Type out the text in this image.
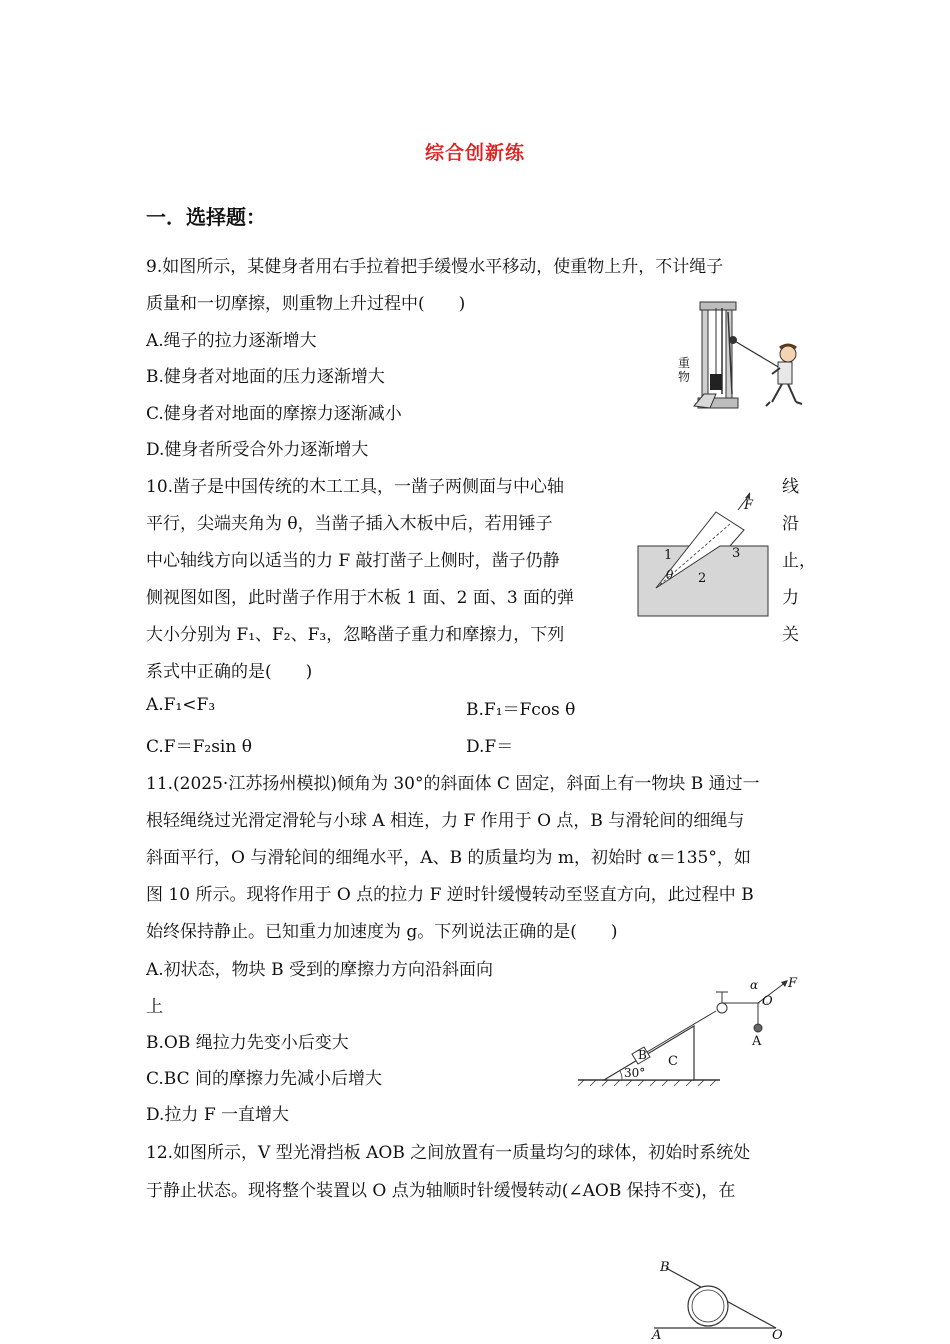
综合创新练
一．选择题：
9.如图所示，某健身者用右手拉着把手缓慢水平移动，使重物上升，不计绳子
质量和一切摩擦，则重物上升过程中(　　)
A.绳子的拉力逐渐增大
B.健身者对地面的压力逐渐增大
C.健身者对地面的摩擦力逐渐减小
D.健身者所受合外力逐渐增大
重物
10.凿子是中国传统的木工工具，一凿子两侧面与中心轴
平行，尖端夹角为 θ，当凿子插入木板中后，若用锤子
中心轴线方向以适当的力 F 敲打凿子上侧时，凿子仍静
侧视图如图，此时凿子作用于木板 1 面、2 面、3 面的弹
大小分别为 F₁、F₂、F₃，忽略凿子重力和摩擦力，下列
系式中正确的是(　　)
线
沿
止，
力
关
A.F₁<F₃	B.F₁＝Fcos θ
C.F＝F₂sin θ	D.F＝
F
1
2
3
θ
11.(2025·江苏扬州模拟)倾角为 30°的斜面体 C 固定，斜面上有一物块 B 通过一
根轻绳绕过光滑定滑轮与小球 A 相连，力 F 作用于 O 点，B 与滑轮间的细绳与
斜面平行，O 与滑轮间的细绳水平，A、B 的质量均为 m，初始时 α＝135°，如
图 10 所示。现将作用于 O 点的拉力 F 逆时针缓慢转动至竖直方向，此过程中 B
始终保持静止。已知重力加速度为 g。下列说法正确的是(　　)
A.初状态，物块 B 受到的摩擦力方向沿斜面向
上
B.OB 绳拉力先变小后变大
C.BC 间的摩擦力先减小后增大
D.拉力 F 一直增大
α F
O
A
B C
30°
12.如图所示，V 型光滑挡板 AOB 之间放置有一质量均匀的球体，初始时系统处
于静止状态。现将整个装置以 O 点为轴顺时针缓慢转动(∠AOB 保持不变)，在
B
A	O
